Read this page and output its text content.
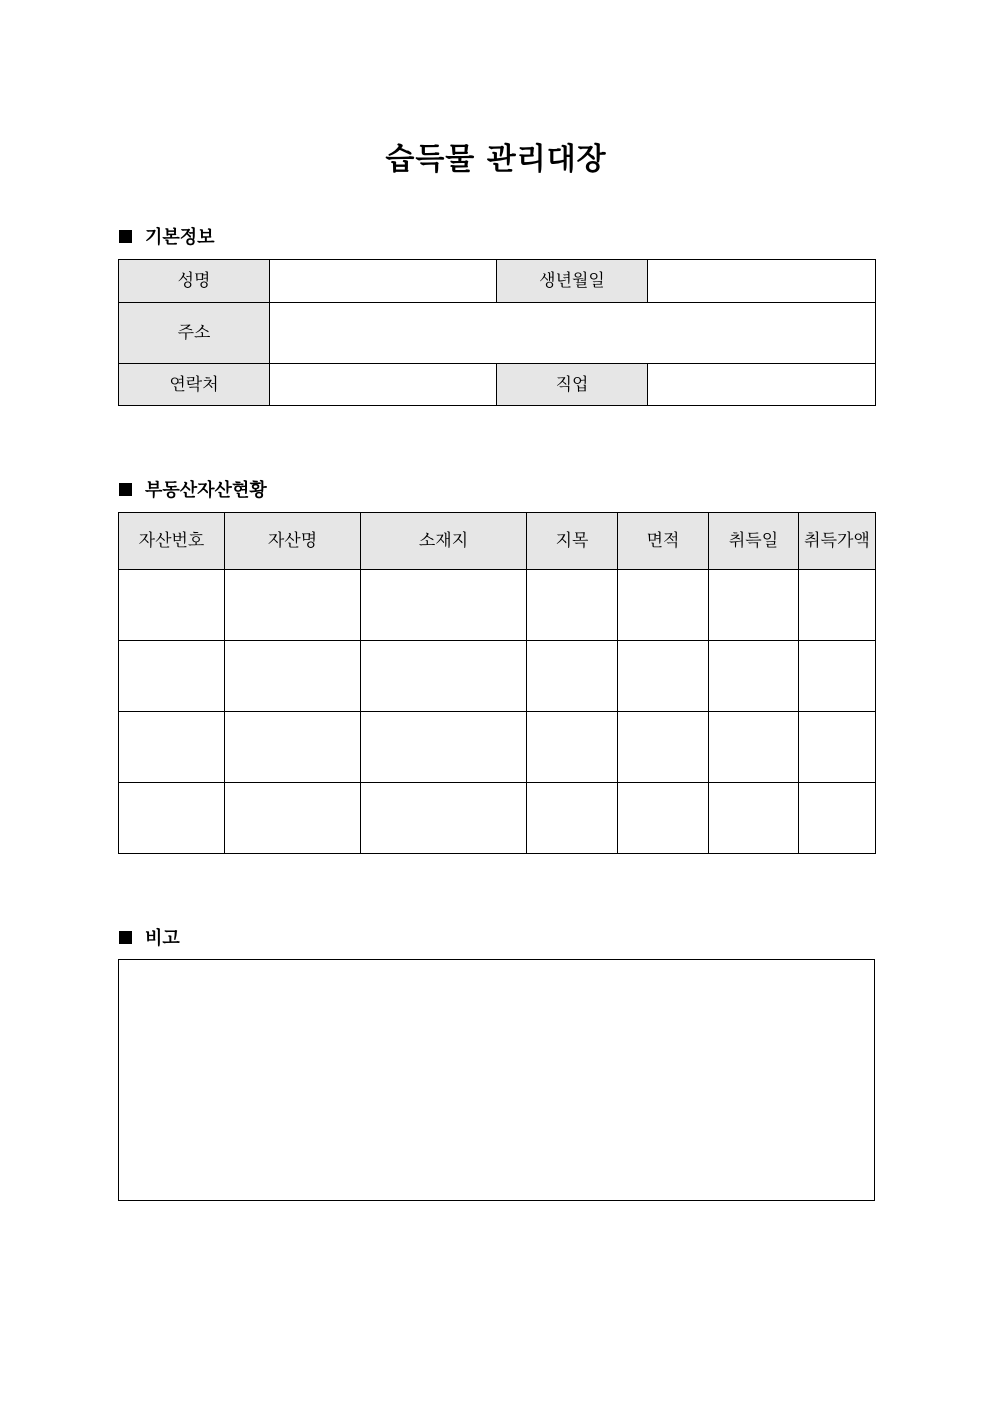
습득물 관리대장
기본정보
성명		생년월일	
주소			
연락처		직업	
부동산자산현황
자산번호	자산명	소재지	지목	면적	취득일	취득가액

비고
